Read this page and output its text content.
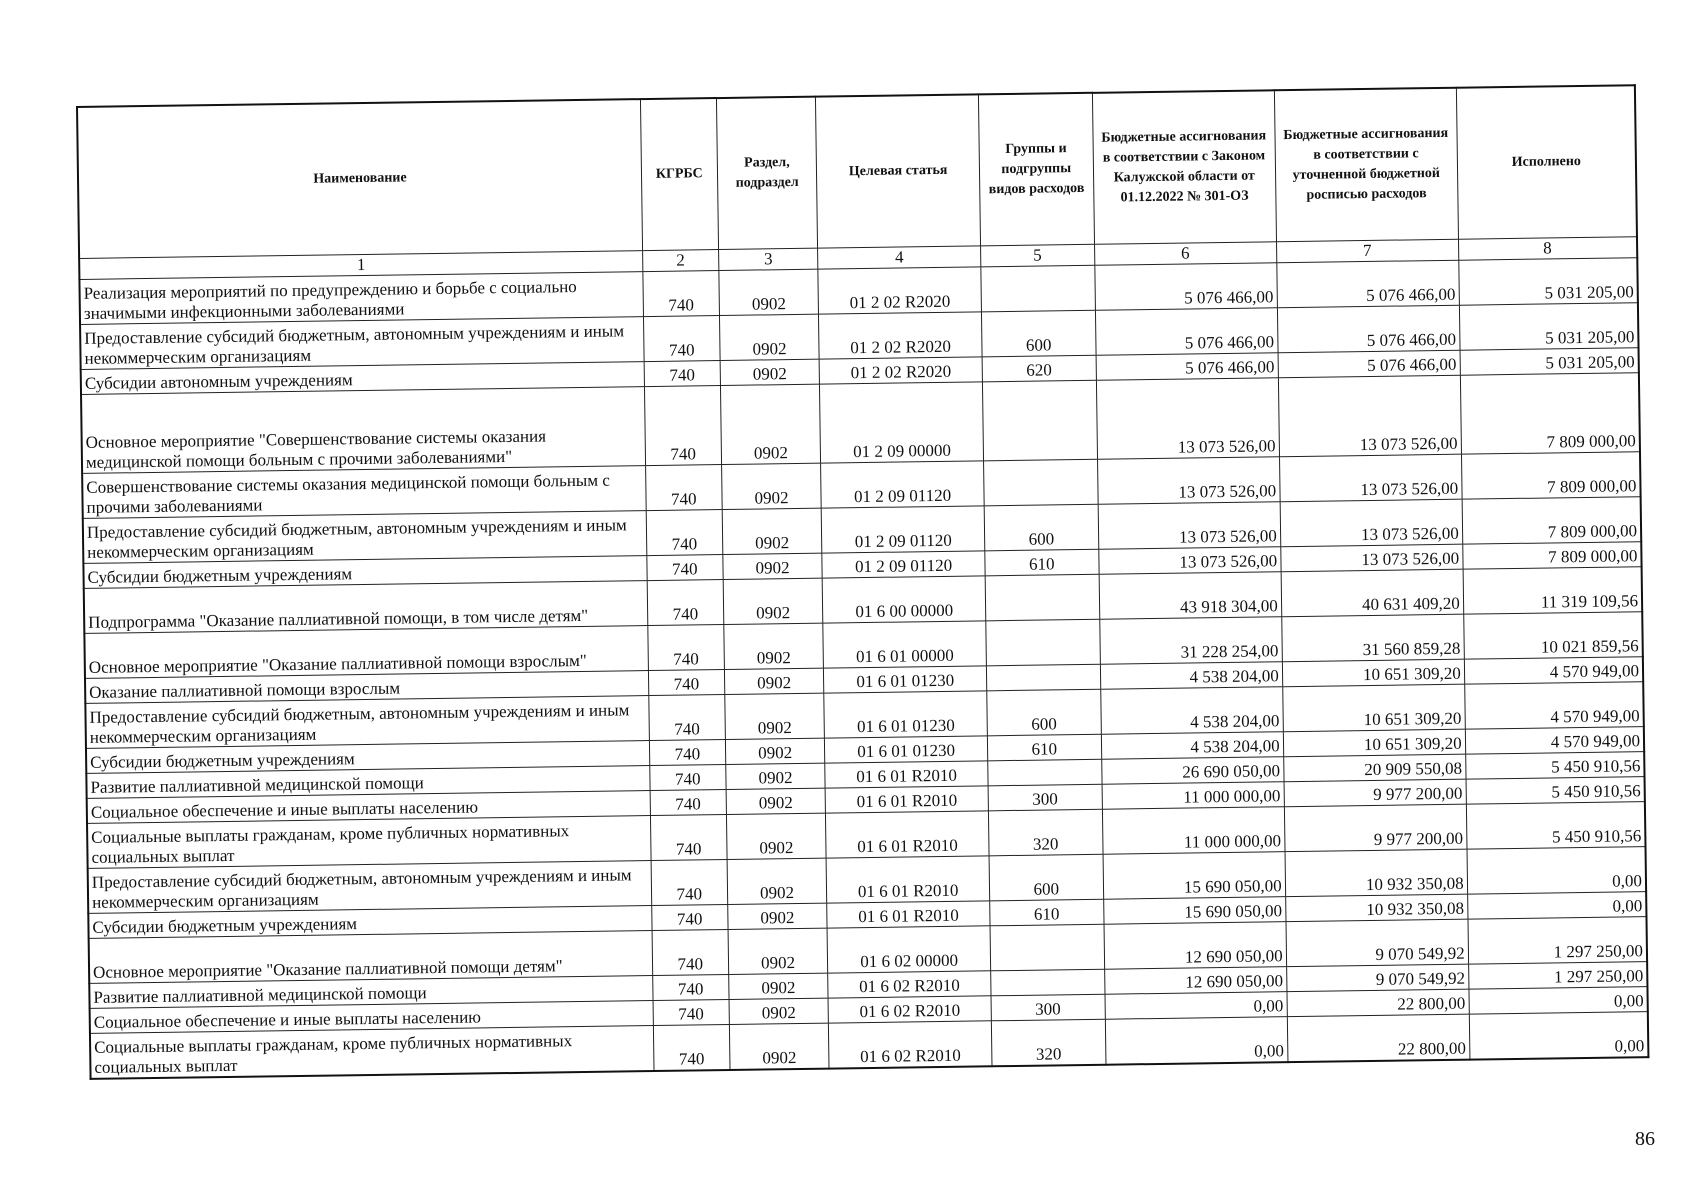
Наименование	КГРБС	Раздел, подраздел	Целевая статья	Группы и подгруппы видов расходов	Бюджетные ассигнования в соответствии с Законом Калужской области от 01.12.2022 № 301-ОЗ	Бюджетные ассигнования в соответствии с уточненной бюджетной росписью расходов	Исполнено
1	2	3	4	5	6	7	8
Реализация мероприятий по предупреждению и борьбе с социально значимыми инфекционными заболеваниями	740	0902	01 2 02 R2020		5 076 466,00	5 076 466,00	5 031 205,00
Предоставление субсидий бюджетным, автономным учреждениям и иным некоммерческим организациям	740	0902	01 2 02 R2020	600	5 076 466,00	5 076 466,00	5 031 205,00
Субсидии автономным учреждениям	740	0902	01 2 02 R2020	620	5 076 466,00	5 076 466,00	5 031 205,00
Основное мероприятие "Совершенствование системы оказания медицинской помощи больным с прочими заболеваниями"	740	0902	01 2 09 00000		13 073 526,00	13 073 526,00	7 809 000,00
Совершенствование системы оказания медицинской помощи больным с прочими заболеваниями	740	0902	01 2 09 01120		13 073 526,00	13 073 526,00	7 809 000,00
Предоставление субсидий бюджетным, автономным учреждениям и иным некоммерческим организациям	740	0902	01 2 09 01120	600	13 073 526,00	13 073 526,00	7 809 000,00
Субсидии бюджетным учреждениям	740	0902	01 2 09 01120	610	13 073 526,00	13 073 526,00	7 809 000,00
Подпрограмма "Оказание паллиативной помощи, в том числе детям"	740	0902	01 6 00 00000		43 918 304,00	40 631 409,20	11 319 109,56
Основное мероприятие "Оказание паллиативной помощи взрослым"	740	0902	01 6 01 00000		31 228 254,00	31 560 859,28	10 021 859,56
Оказание паллиативной помощи взрослым	740	0902	01 6 01 01230		4 538 204,00	10 651 309,20	4 570 949,00
Предоставление субсидий бюджетным, автономным учреждениям и иным некоммерческим организациям	740	0902	01 6 01 01230	600	4 538 204,00	10 651 309,20	4 570 949,00
Субсидии бюджетным учреждениям	740	0902	01 6 01 01230	610	4 538 204,00	10 651 309,20	4 570 949,00
Развитие паллиативной медицинской помощи	740	0902	01 6 01 R2010		26 690 050,00	20 909 550,08	5 450 910,56
Социальное обеспечение и иные выплаты населению	740	0902	01 6 01 R2010	300	11 000 000,00	9 977 200,00	5 450 910,56
Социальные выплаты гражданам, кроме публичных нормативных социальных выплат	740	0902	01 6 01 R2010	320	11 000 000,00	9 977 200,00	5 450 910,56
Предоставление субсидий бюджетным, автономным учреждениям и иным некоммерческим организациям	740	0902	01 6 01 R2010	600	15 690 050,00	10 932 350,08	0,00
Субсидии бюджетным учреждениям	740	0902	01 6 01 R2010	610	15 690 050,00	10 932 350,08	0,00
Основное мероприятие "Оказание паллиативной помощи детям"	740	0902	01 6 02 00000		12 690 050,00	9 070 549,92	1 297 250,00
Развитие паллиативной медицинской помощи	740	0902	01 6 02 R2010		12 690 050,00	9 070 549,92	1 297 250,00
Социальное обеспечение и иные выплаты населению	740	0902	01 6 02 R2010	300	0,00	22 800,00	0,00
Социальные выплаты гражданам, кроме публичных нормативных социальных выплат	740	0902	01 6 02 R2010	320	0,00	22 800,00	0,00
86
